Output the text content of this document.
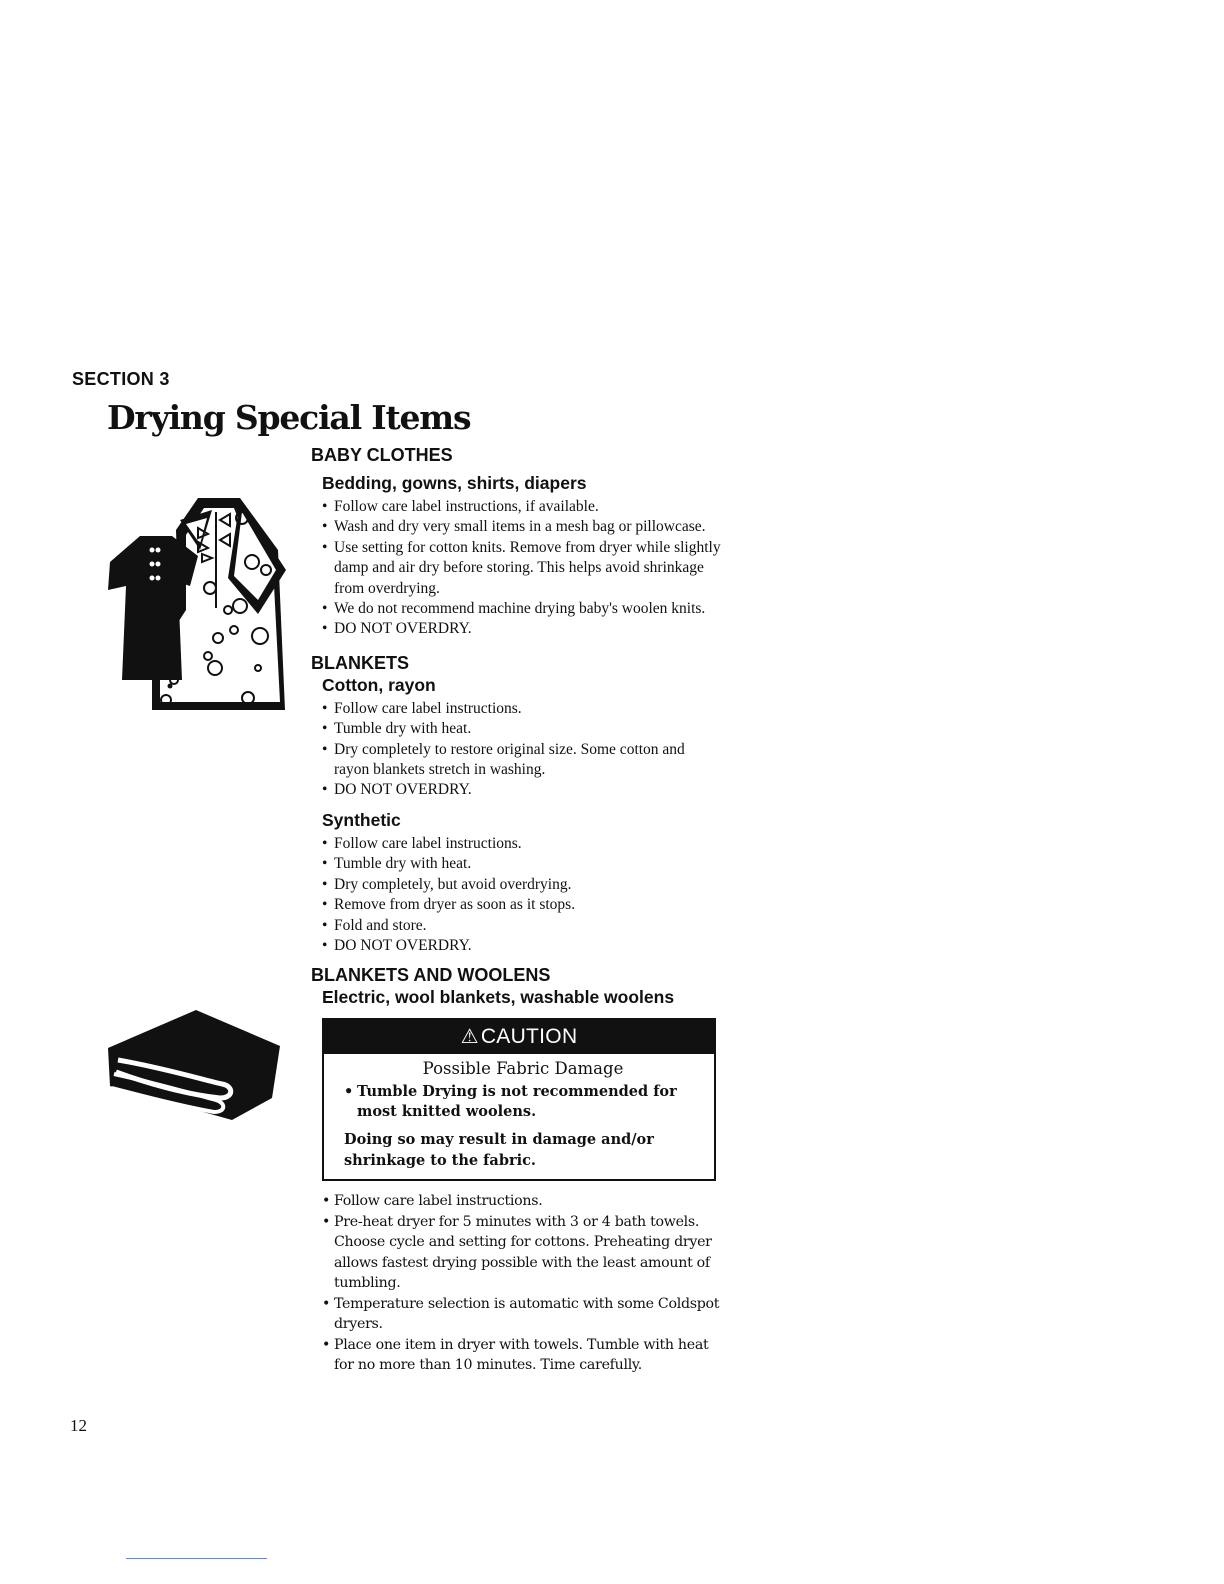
SECTION 3
Drying Special Items
BABY CLOTHES
Bedding, gowns, shirts, diapers
• Follow care label instructions, if available.
• Wash and dry very small items in a mesh bag or pillowcase.
• Use setting for cotton knits. Remove from dryer while slightly damp and air dry before storing. This helps avoid shrinkage from overdrying.
• We do not recommend machine drying baby's woolen knits.
• DO NOT OVERDRY.
BLANKETS
Cotton, rayon
• Follow care label instructions.
• Tumble dry with heat.
• Dry completely to restore original size. Some cotton and rayon blankets stretch in washing.
• DO NOT OVERDRY.
Synthetic
• Follow care label instructions.
• Tumble dry with heat.
• Dry completely, but avoid overdrying.
• Remove from dryer as soon as it stops.
• Fold and store.
• DO NOT OVERDRY.
BLANKETS AND WOOLENS
Electric, wool blankets, washable woolens
⚠CAUTION
Possible Fabric Damage
• Tumble Drying is not recommended for most knitted woolens.
Doing so may result in damage and/or shrinkage to the fabric.
• Follow care label instructions.
• Pre-heat dryer for 5 minutes with 3 or 4 bath towels. Choose cycle and setting for cottons. Preheating dryer allows fastest drying possible with the least amount of tumbling.
• Temperature selection is automatic with some Coldspot dryers.
• Place one item in dryer with towels. Tumble with heat for no more than 10 minutes. Time carefully.
12
